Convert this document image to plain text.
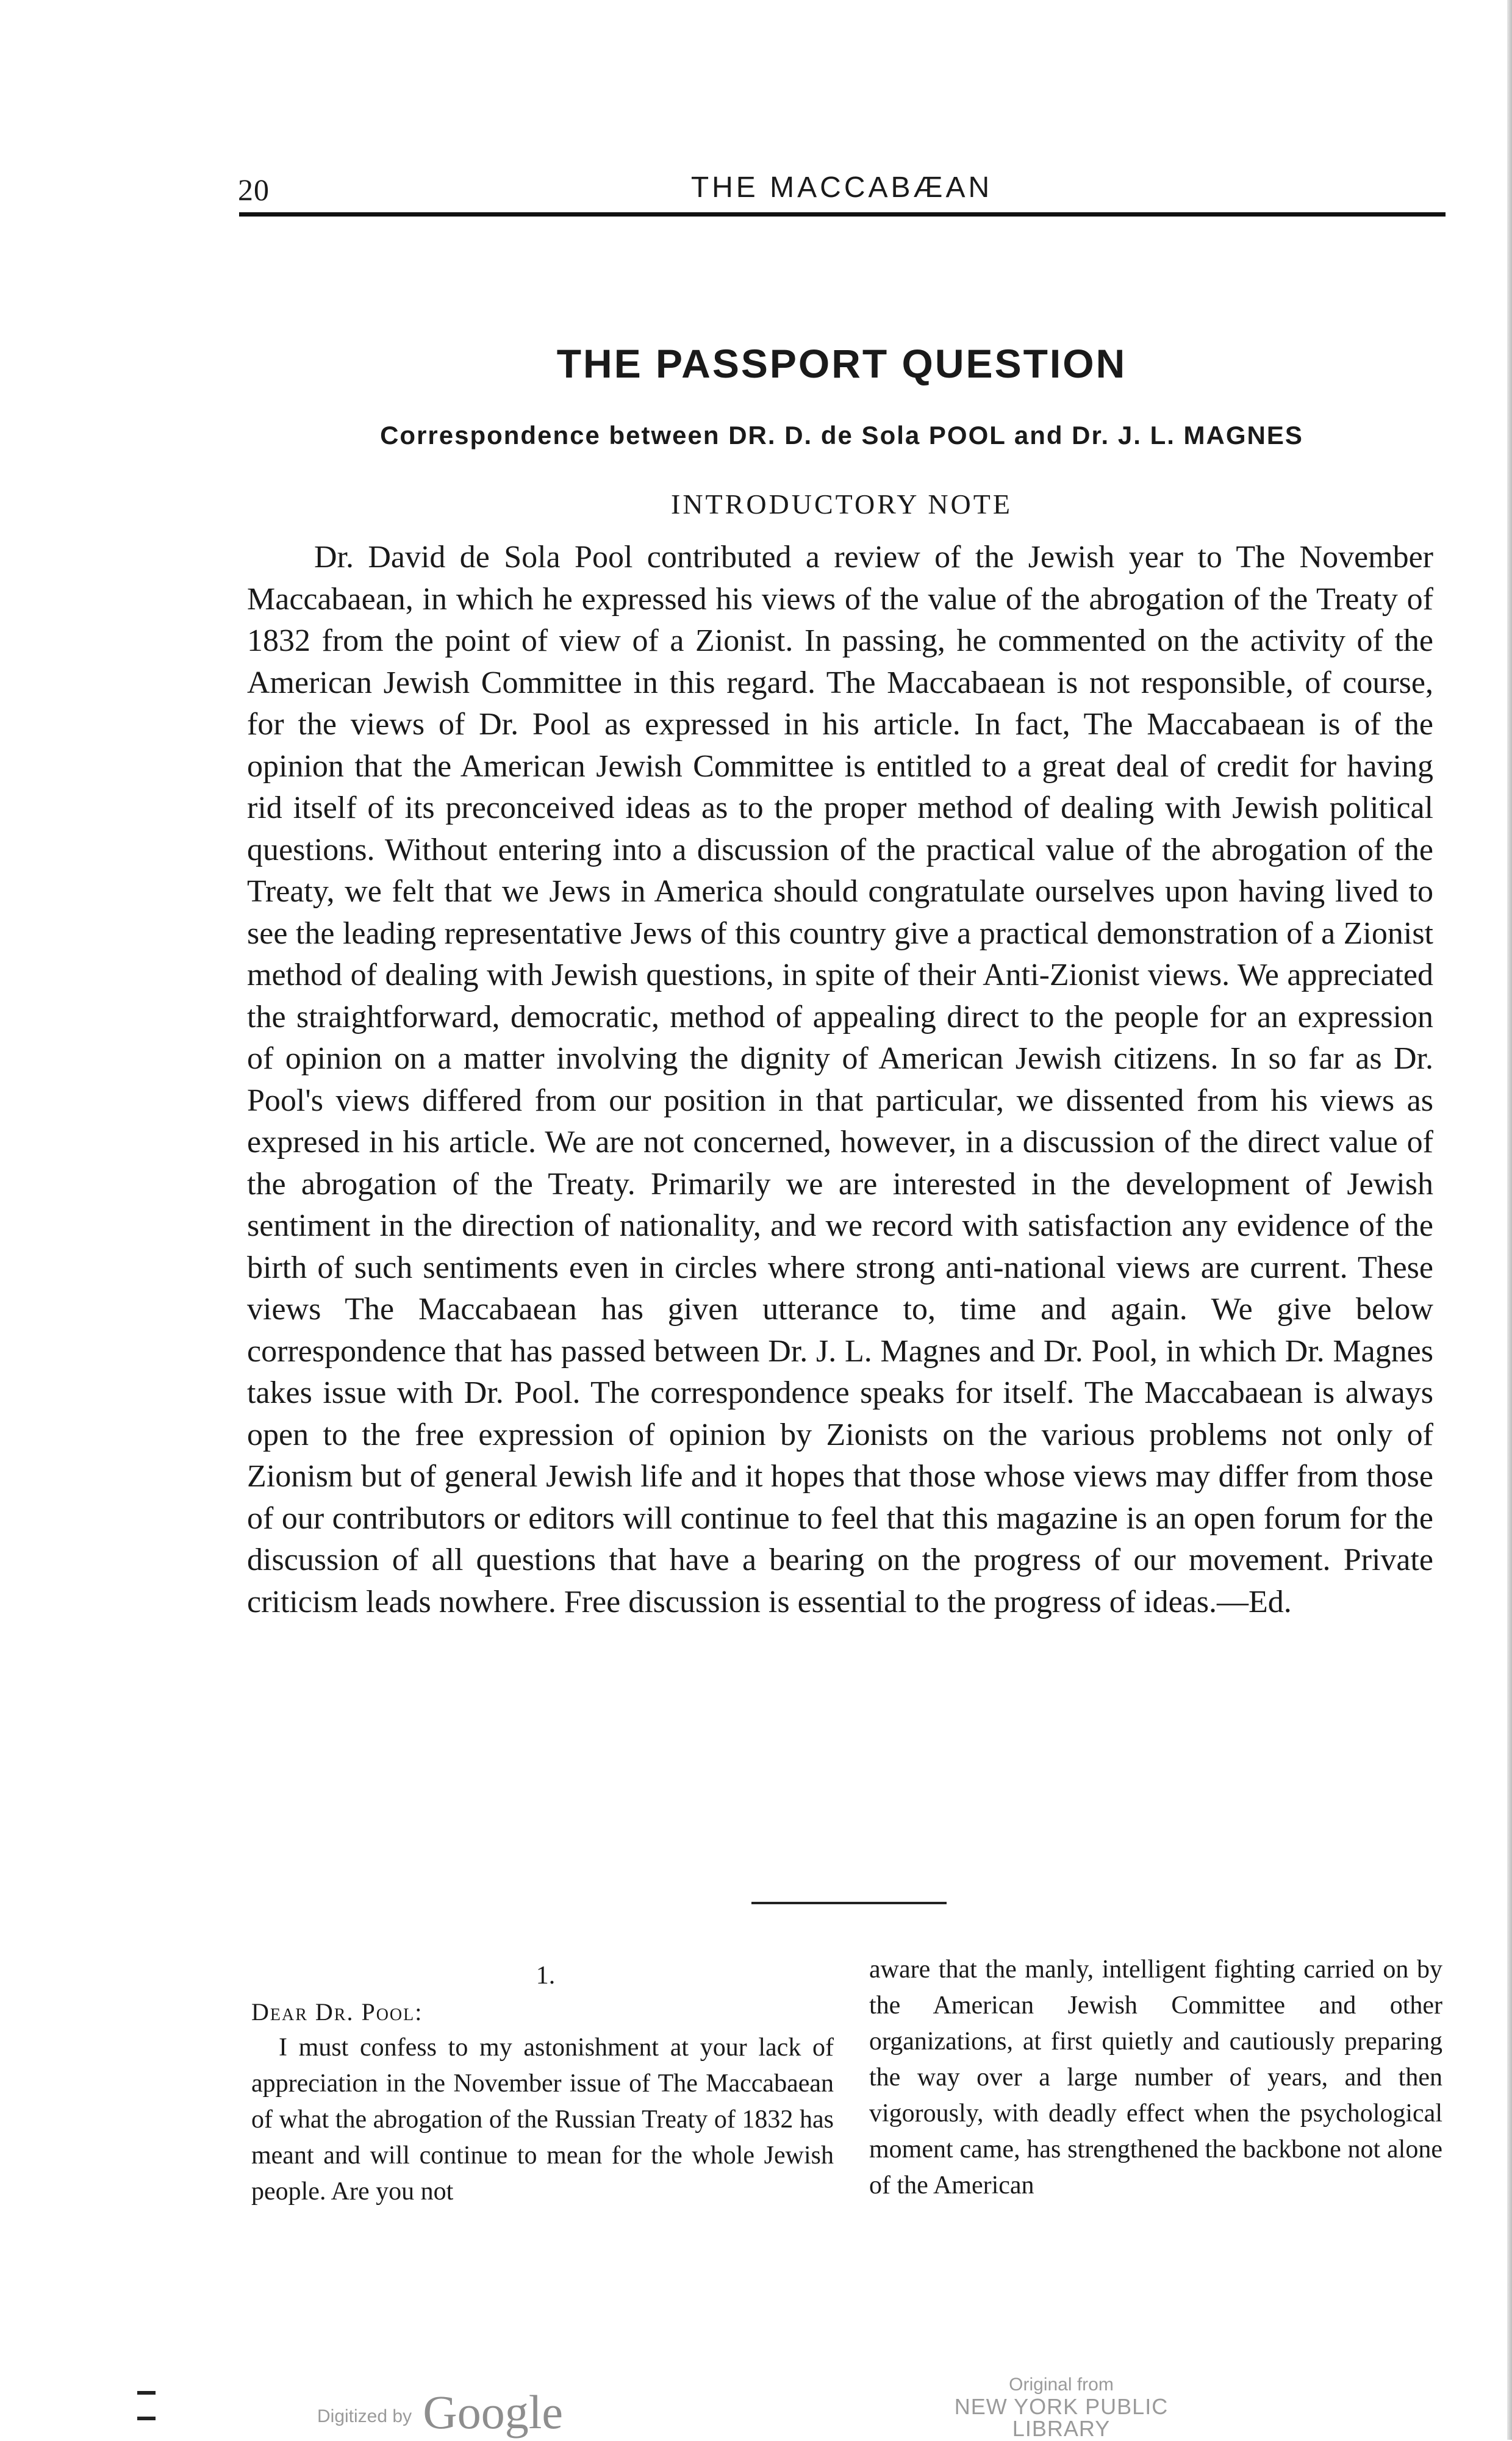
20	THE MACCABÆAN
THE PASSPORT QUESTION
Correspondence between DR. D. de Sola POOL and Dr. J. L. MAGNES
INTRODUCTORY NOTE

Dr. David de Sola Pool contributed a review of the Jewish year to The November Maccabaean, in which he expressed his views of the value of the abrogation of the Treaty of 1832 from the point of view of a Zionist. In passing, he commented on the activity of the American Jewish Committee in this regard. The Maccabaean is not responsible, of course, for the views of Dr. Pool as expressed in his article. In fact, The Maccabaean is of the opinion that the American Jewish Committee is entitled to a great deal of credit for having rid itself of its preconceived ideas as to the proper method of dealing with Jewish political questions. Without entering into a discussion of the practical value of the abrogation of the Treaty, we felt that we Jews in America should congratulate ourselves upon having lived to see the leading representative Jews of this country give a practical demonstration of a Zionist method of dealing with Jewish questions, in spite of their Anti-Zionist views. We appreciated the straightforward, democratic, method of appealing direct to the people for an expression of opinion on a matter involving the dignity of American Jewish citizens. In so far as Dr. Pool's views differed from our position in that particular, we dissented from his views as expresed in his article. We are not concerned, however, in a discussion of the direct value of the abrogation of the Treaty. Primarily we are interested in the development of Jewish sentiment in the direction of nationality, and we record with satisfaction any evidence of the birth of such sentiments even in circles where strong anti-national views are current. These views The Maccabaean has given utterance to, time and again. We give below correspondence that has passed between Dr. J. L. Magnes and Dr. Pool, in which Dr. Magnes takes issue with Dr. Pool. The correspondence speaks for itself. The Maccabaean is always open to the free expression of opinion by Zionists on the various problems not only of Zionism but of general Jewish life and it hopes that those whose views may differ from those of our contributors or editors will continue to feel that this magazine is an open forum for the discussion of all questions that have a bearing on the progress of our movement. Private criticism leads nowhere. Free discussion is essential to the progress of ideas.—Ed.

1.
Dear Dr. Pool:

I must confess to my astonishment at your lack of appreciation in the November issue of The Maccabaean of what the abrogation of the Russian Treaty of 1832 has meant and will continue to mean for the whole Jewish people. Are you not

aware that the manly, intelligent fighting carried on by the American Jewish Committee and other organizations, at first quietly and cautiously preparing the way over a large number of years, and then vigorously, with deadly effect when the psychological moment came, has strengthened the backbone not alone of the American

Digitized by Google
Original from
NEW YORK PUBLIC LIBRARY
